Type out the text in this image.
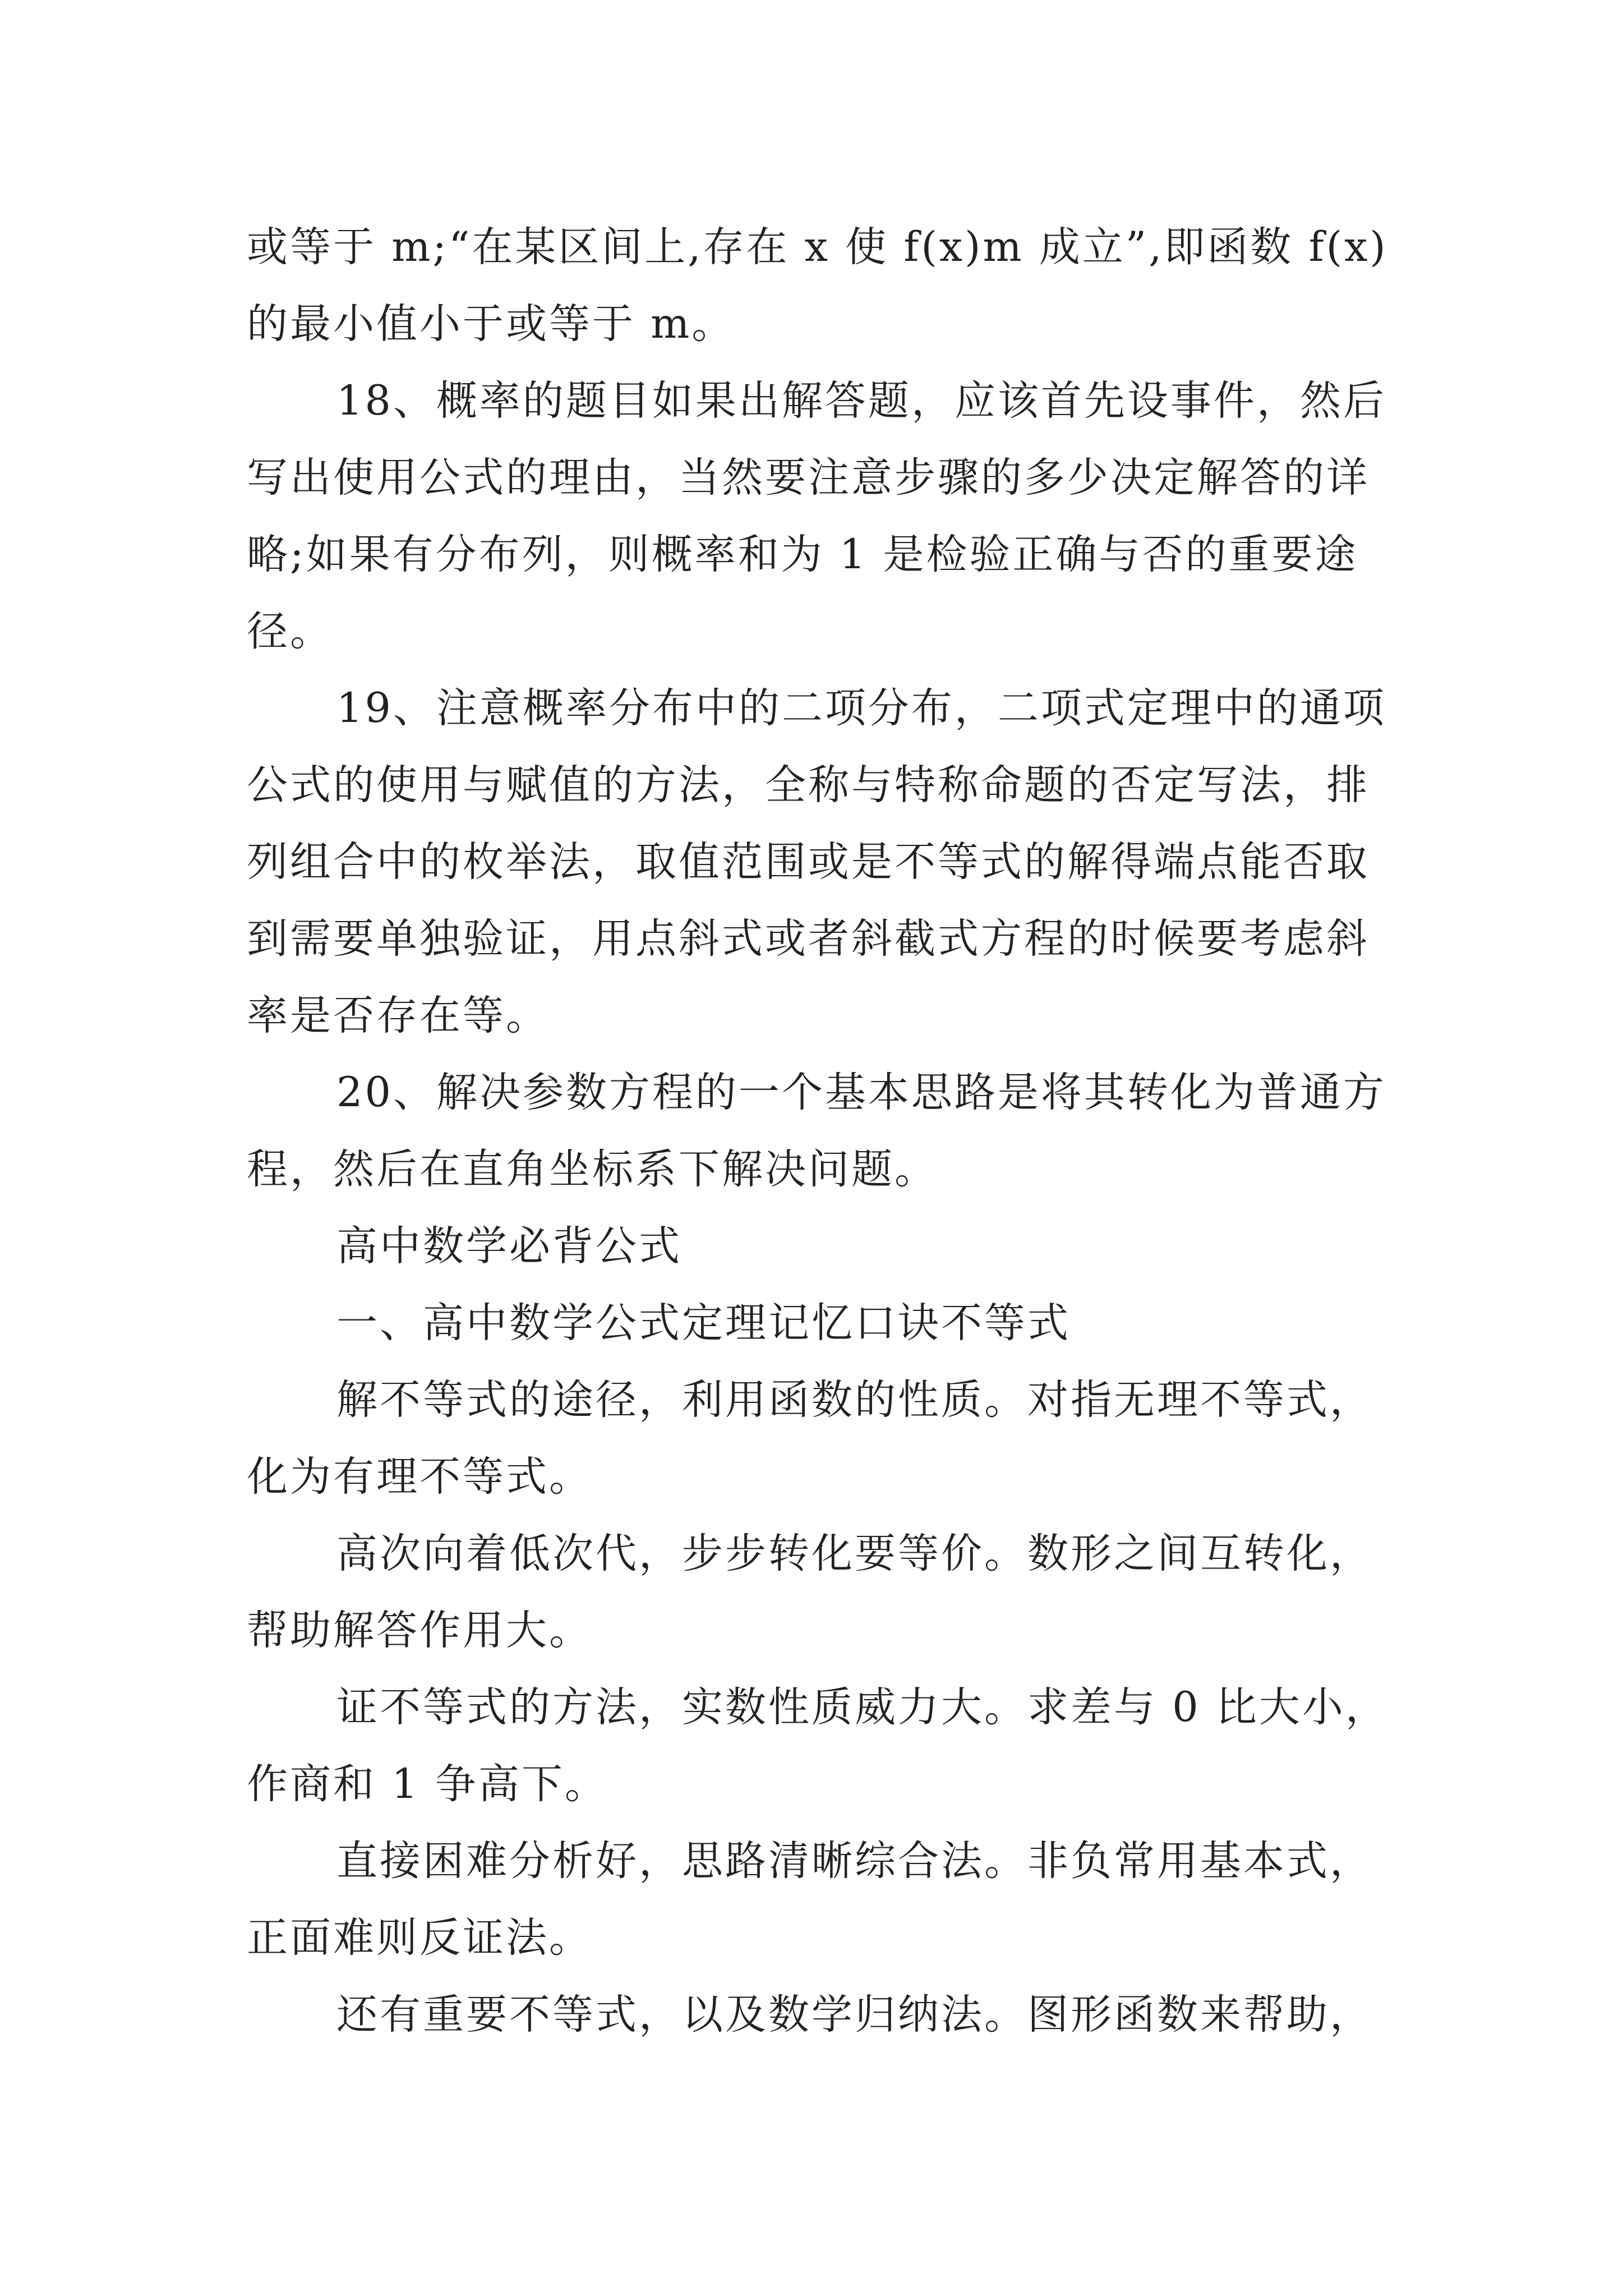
或等于 m;“在某区间上,存在 x 使 f(x)m 成立”,即函数 f(x)
的最小值小于或等于 m。

18、概率的题目如果出解答题，应该首先设事件，然后
写出使用公式的理由，当然要注意步骤的多少决定解答的详
略;如果有分布列，则概率和为 1 是检验正确与否的重要途
径。

19、注意概率分布中的二项分布，二项式定理中的通项
公式的使用与赋值的方法，全称与特称命题的否定写法，排
列组合中的枚举法，取值范围或是不等式的解得端点能否取
到需要单独验证，用点斜式或者斜截式方程的时候要考虑斜
率是否存在等。

20、解决参数方程的一个基本思路是将其转化为普通方
程，然后在直角坐标系下解决问题。

高中数学必背公式

一、高中数学公式定理记忆口诀不等式

解不等式的途径，利用函数的性质。对指无理不等式，
化为有理不等式。

高次向着低次代，步步转化要等价。数形之间互转化，
帮助解答作用大。

证不等式的方法，实数性质威力大。求差与 0 比大小，
作商和 1 争高下。

直接困难分析好，思路清晰综合法。非负常用基本式，
正面难则反证法。

还有重要不等式，以及数学归纳法。图形函数来帮助，
